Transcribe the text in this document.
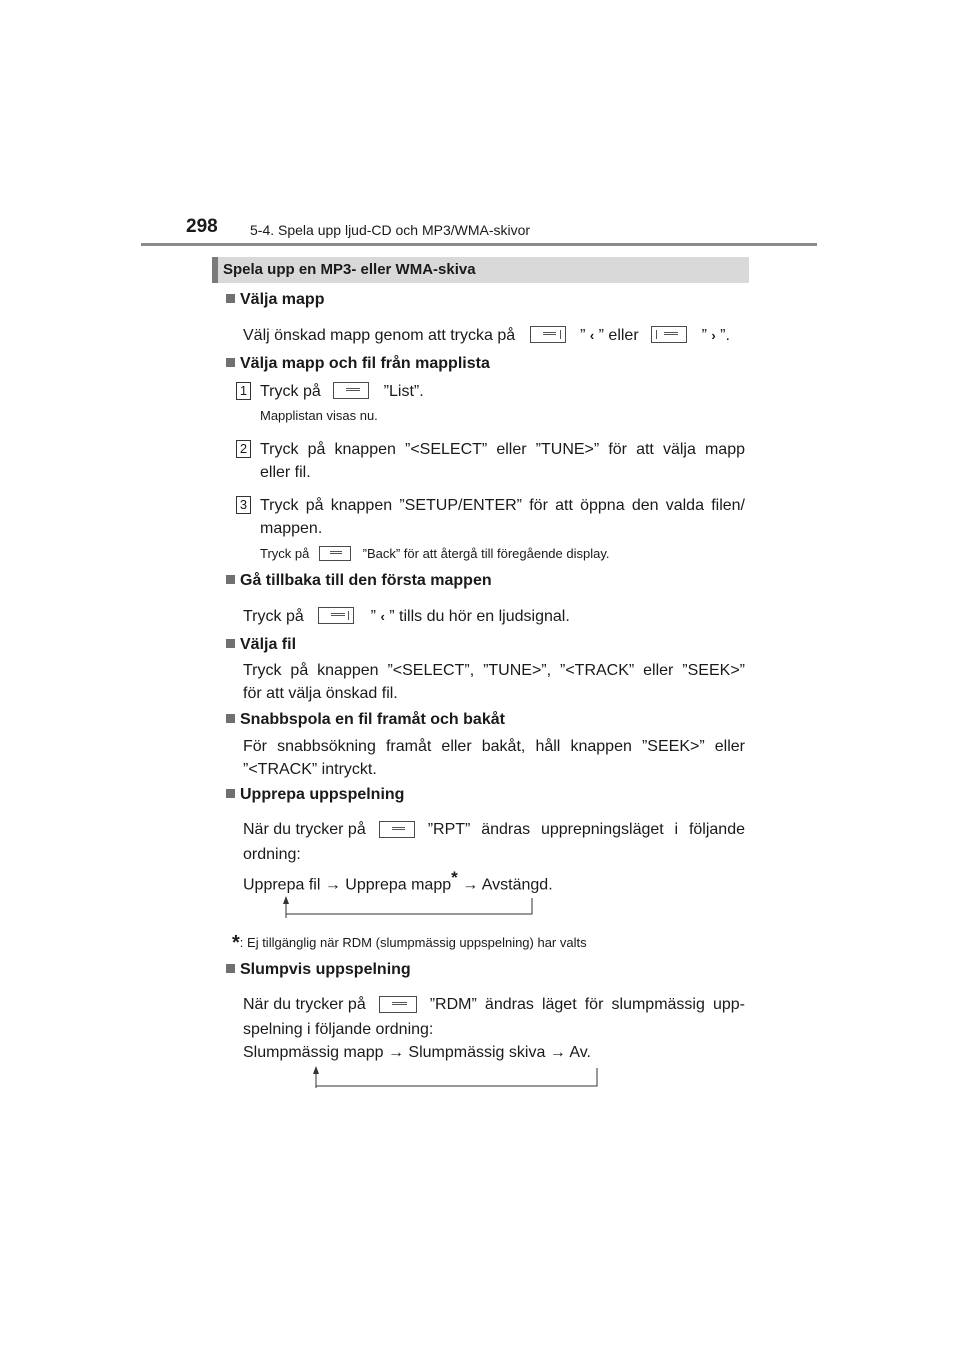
298 5-4. Spela upp ljud-CD och MP3/WMA-skivor
Spela upp en MP3- eller WMA-skiva
Välja mapp
Välj önskad mapp genom att trycka på	” ‹ ” eller	” › ”.
Välja mapp och fil från mapplista
1 Tryck på	”List”.
Mapplistan visas nu.
2 Tryck på knappen ”<SELECT” eller ”TUNE>” för att välja mapp
eller fil.
3 Tryck på knappen ”SETUP/ENTER” för att öppna den valda filen/
mappen.
Tryck på	”Back” för att återgå till föregående display.
Gå tillbaka till den första mappen
Tryck på	” ‹ ” tills du hör en ljudsignal.
Välja fil
Tryck på knappen ”<SELECT”, ”TUNE>”, ”<TRACK” eller ”SEEK>”
för att välja önskad fil.
Snabbspola en fil framåt och bakåt
För snabbsökning framåt eller bakåt, håll knappen ”SEEK>” eller
”<TRACK” intryckt.
Upprepa uppspelning
När du trycker på	”RPT” ändras upprepningsläget i följande
ordning:
Upprepa fil → Upprepa mapp* → Avstängd.
*: Ej tillgänglig när RDM (slumpmässig uppspelning) har valts
Slumpvis uppspelning
När du trycker på	”RDM” ändras läget för slumpmässig upp-
spelning i följande ordning:
Slumpmässig mapp → Slumpmässig skiva → Av.
